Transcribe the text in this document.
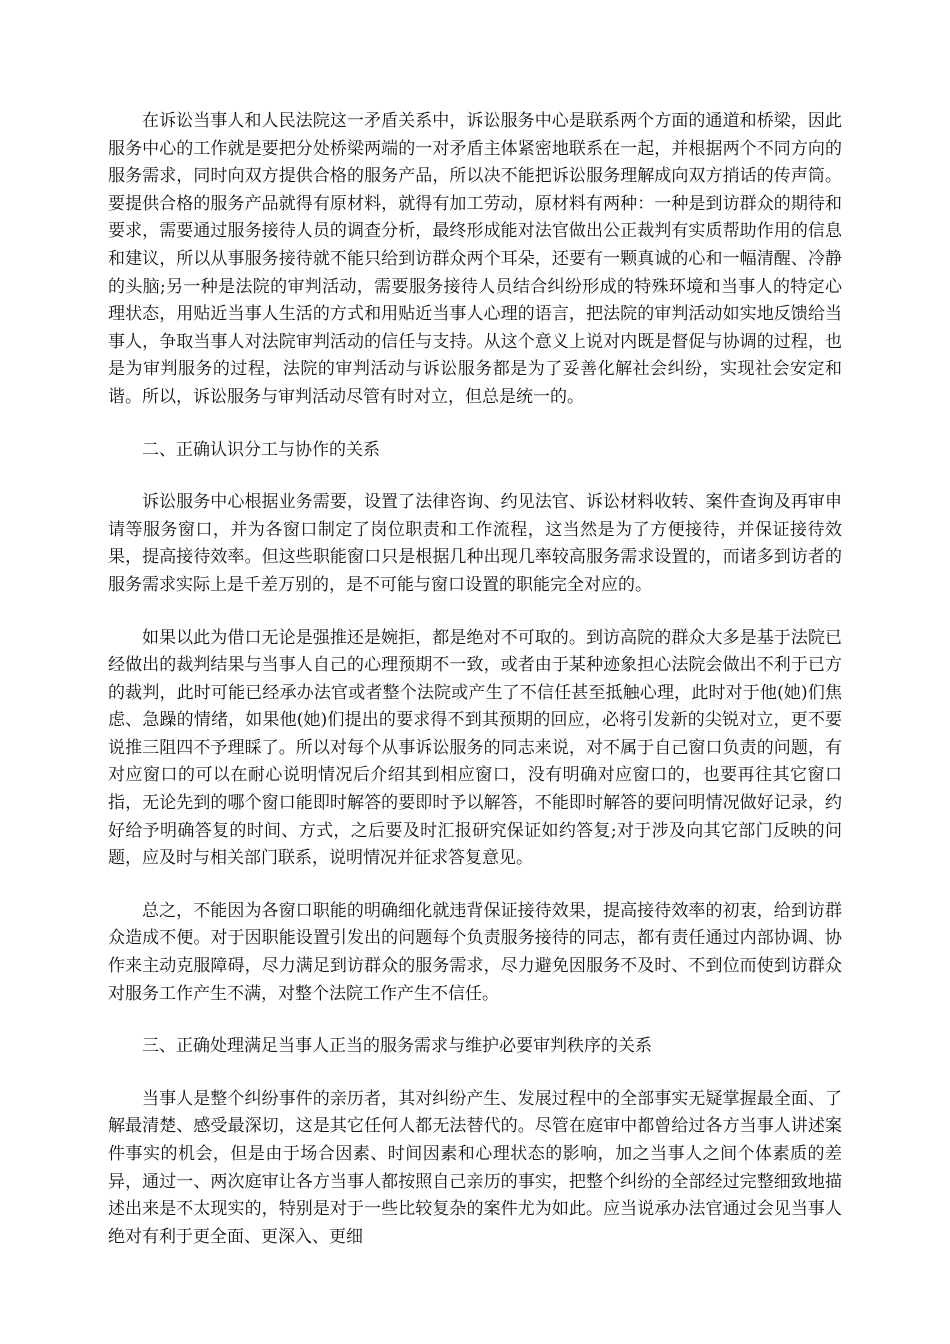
在诉讼当事人和人民法院这一矛盾关系中，诉讼服务中心是联系两个方面的通道和桥梁，因此服务中心的工作就是要把分处桥梁两端的一对矛盾主体紧密地联系在一起，并根据两个不同方向的服务需求，同时向双方提供合格的服务产品，所以决不能把诉讼服务理解成向双方捎话的传声筒。要提供合格的服务产品就得有原材料，就得有加工劳动，原材料有两种：一种是到访群众的期待和要求，需要通过服务接待人员的调查分析，最终形成能对法官做出公正裁判有实质帮助作用的信息和建议，所以从事服务接待就不能只给到访群众两个耳朵，还要有一颗真诚的心和一幅清醒、冷静的头脑;另一种是法院的审判活动，需要服务接待人员结合纠纷形成的特殊环境和当事人的特定心理状态，用贴近当事人生活的方式和用贴近当事人心理的语言，把法院的审判活动如实地反馈给当事人，争取当事人对法院审判活动的信任与支持。从这个意义上说对内既是督促与协调的过程，也是为审判服务的过程，法院的审判活动与诉讼服务都是为了妥善化解社会纠纷，实现社会安定和谐。所以，诉讼服务与审判活动尽管有时对立，但总是统一的。

二、正确认识分工与协作的关系

诉讼服务中心根据业务需要，设置了法律咨询、约见法官、诉讼材料收转、案件查询及再审申请等服务窗口，并为各窗口制定了岗位职责和工作流程，这当然是为了方便接待，并保证接待效果，提高接待效率。但这些职能窗口只是根据几种出现几率较高服务需求设置的，而诸多到访者的服务需求实际上是千差万别的，是不可能与窗口设置的职能完全对应的。

如果以此为借口无论是强推还是婉拒，都是绝对不可取的。到访高院的群众大多是基于法院已经做出的裁判结果与当事人自己的心理预期不一致，或者由于某种迹象担心法院会做出不利于已方的裁判，此时可能已经承办法官或者整个法院或产生了不信任甚至抵触心理，此时对于他(她)们焦虑、急躁的情绪，如果他(她)们提出的要求得不到其预期的回应，必将引发新的尖锐对立，更不要说推三阻四不予理睬了。所以对每个从事诉讼服务的同志来说，对不属于自己窗口负责的问题，有对应窗口的可以在耐心说明情况后介绍其到相应窗口，没有明确对应窗口的，也要再往其它窗口指，无论先到的哪个窗口能即时解答的要即时予以解答，不能即时解答的要问明情况做好记录，约好给予明确答复的时间、方式，之后要及时汇报研究保证如约答复;对于涉及向其它部门反映的问题，应及时与相关部门联系，说明情况并征求答复意见。

总之，不能因为各窗口职能的明确细化就违背保证接待效果，提高接待效率的初衷，给到访群众造成不便。对于因职能设置引发出的问题每个负责服务接待的同志，都有责任通过内部协调、协作来主动克服障碍，尽力满足到访群众的服务需求，尽力避免因服务不及时、不到位而使到访群众对服务工作产生不满，对整个法院工作产生不信任。

三、正确处理满足当事人正当的服务需求与维护必要审判秩序的关系

当事人是整个纠纷事件的亲历者，其对纠纷产生、发展过程中的全部事实无疑掌握最全面、了解最清楚、感受最深切，这是其它任何人都无法替代的。尽管在庭审中都曾给过各方当事人讲述案件事实的机会，但是由于场合因素、时间因素和心理状态的影响，加之当事人之间个体素质的差异，通过一、两次庭审让各方当事人都按照自己亲历的事实，把整个纠纷的全部经过完整细致地描述出来是不太现实的，特别是对于一些比较复杂的案件尤为如此。应当说承办法官通过会见当事人绝对有利于更全面、更深入、更细
